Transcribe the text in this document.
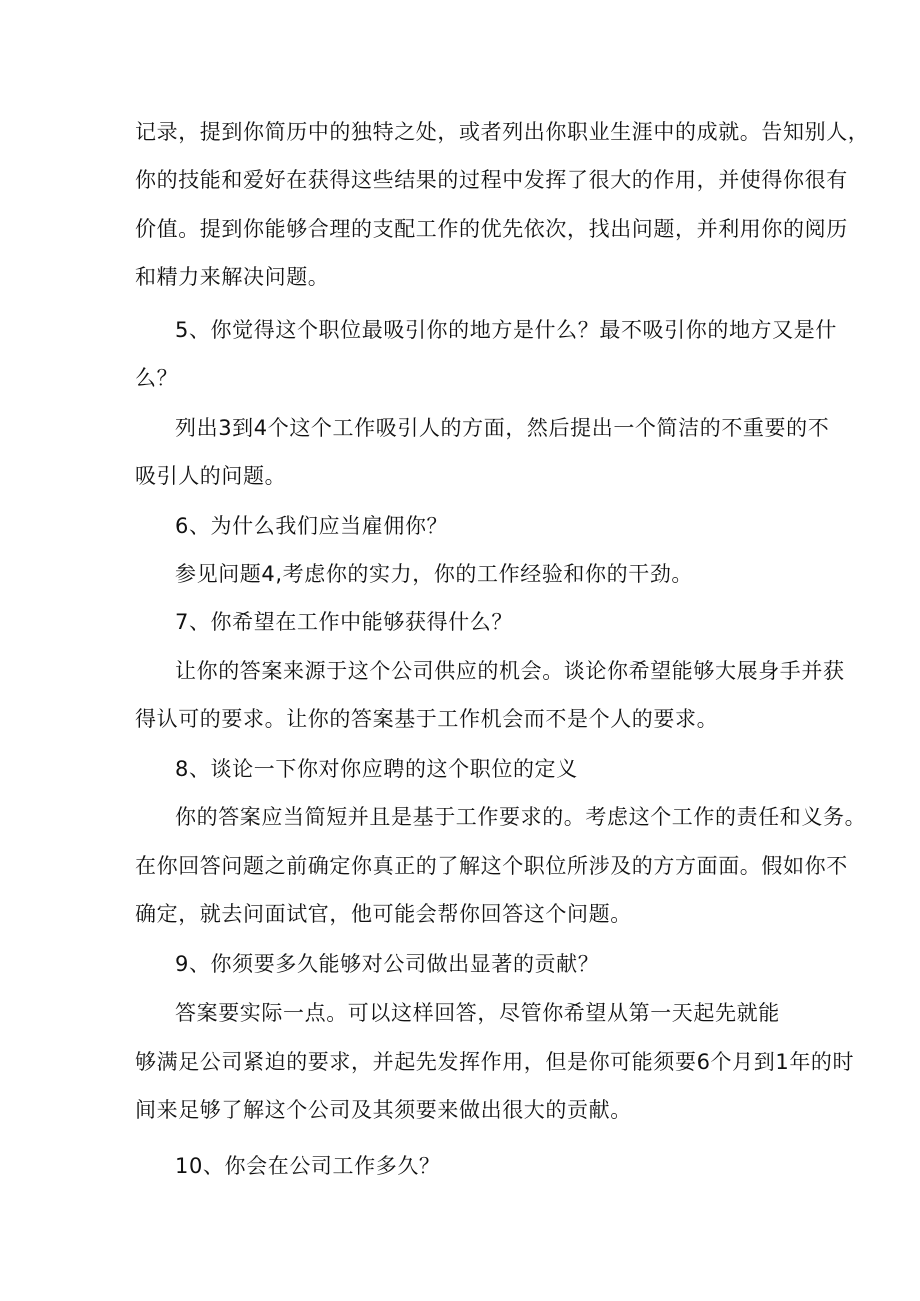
记录，提到你简历中的独特之处，或者列出你职业生涯中的成就。告知别人，
你的技能和爱好在获得这些结果的过程中发挥了很大的作用，并使得你很有
价值。提到你能够合理的支配工作的优先依次，找出问题，并利用你的阅历
和精力来解决问题。
5、你觉得这个职位最吸引你的地方是什么？最不吸引你的地方又是什
么？
列出3到4个这个工作吸引人的方面，然后提出一个简洁的不重要的不
吸引人的问题。
6、为什么我们应当雇佣你？
参见问题4,考虑你的实力，你的工作经验和你的干劲。
7、你希望在工作中能够获得什么？
让你的答案来源于这个公司供应的机会。谈论你希望能够大展身手并获
得认可的要求。让你的答案基于工作机会而不是个人的要求。
8、谈论一下你对你应聘的这个职位的定义
你的答案应当简短并且是基于工作要求的。考虑这个工作的责任和义务。
在你回答问题之前确定你真正的了解这个职位所涉及的方方面面。假如你不
确定，就去问面试官，他可能会帮你回答这个问题。
9、你须要多久能够对公司做出显著的贡献？
答案要实际一点。可以这样回答，尽管你希望从第一天起先就能
够满足公司紧迫的要求，并起先发挥作用，但是你可能须要6个月到1年的时
间来足够了解这个公司及其须要来做出很大的贡献。
10、你会在公司工作多久？
